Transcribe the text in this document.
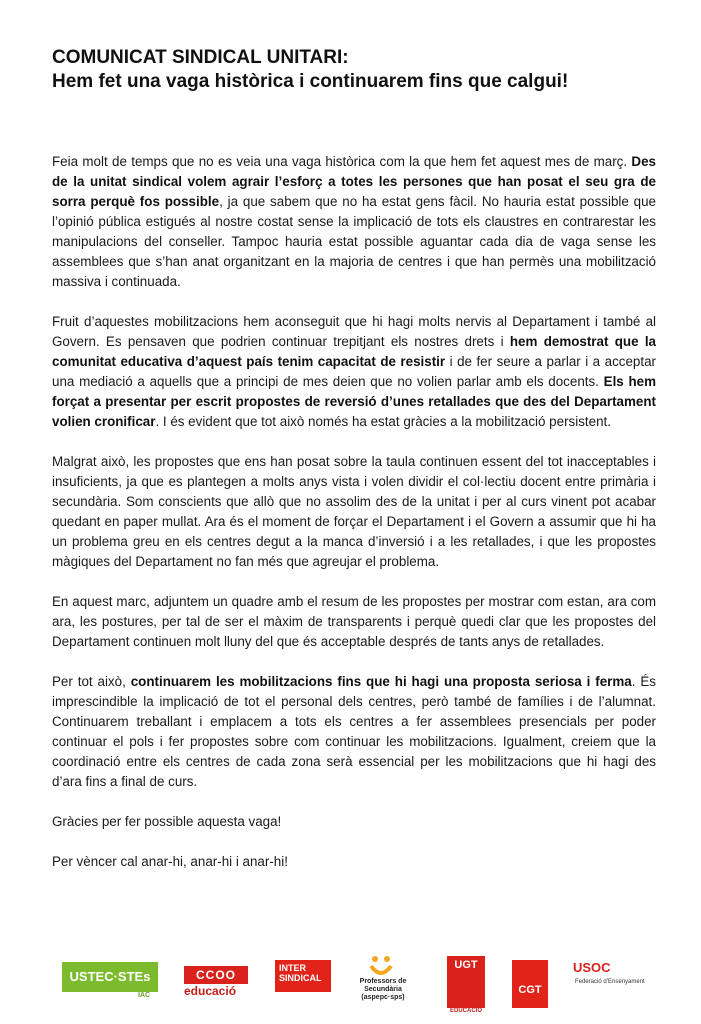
COMUNICAT SINDICAL UNITARI:
Hem fet una vaga històrica i continuarem fins que calgui!

Feia molt de temps que no es veia una vaga històrica com la que hem fet aquest mes de març. Des de la unitat sindical volem agrair l’esforç a totes les persones que han posat el seu gra de sorra perquè fos possible, ja que sabem que no ha estat gens fàcil. No hauria estat possible que l’opinió pública estigués al nostre costat sense la implicació de tots els claustres en contrarestar les manipulacions del conseller. Tampoc hauria estat possible aguantar cada dia de vaga sense les assemblees que s’han anat organitzant en la majoria de centres i que han permès una mobilització massiva i continuada.

Fruit d’aquestes mobilitzacions hem aconseguit que hi hagi molts nervis al Departament i també al Govern. Es pensaven que podrien continuar trepitjant els nostres drets i hem demostrat que la comunitat educativa d’aquest país tenim capacitat de resistir i de fer seure a parlar i a acceptar una mediació a aquells que a principi de mes deien que no volien parlar amb els docents. Els hem forçat a presentar per escrit propostes de reversió d’unes retallades que des del Departament volien cronificar. I és evident que tot això només ha estat gràcies a la mobilització persistent.

Malgrat això, les propostes que ens han posat sobre la taula continuen essent del tot inacceptables i insuficients, ja que es plantegen a molts anys vista i volen dividir el col·lectiu docent entre primària i secundària. Som conscients que allò que no assolim des de la unitat i per al curs vinent pot acabar quedant en paper mullat. Ara és el moment de forçar el Departament i el Govern a assumir que hi ha un problema greu en els centres degut a la manca d’inversió i a les retallades, i que les propostes màgiques del Departament no fan més que agreujar el problema.

En aquest marc, adjuntem un quadre amb el resum de les propostes per mostrar com estan, ara com ara, les postures, per tal de ser el màxim de transparents i perquè quedi clar que les propostes del Departament continuen molt lluny del que és acceptable després de tants anys de retallades.

Per tot això, continuarem les mobilitzacions fins que hi hagi una proposta seriosa i ferma. És imprescindible la implicació de tot el personal dels centres, però també de famílies i de l’alumnat. Continuarem treballant i emplacem a tots els centres a fer assemblees presencials per poder continuar el pols i fer propostes sobre com continuar les mobilitzacions. Igualment, creiem que la coordinació entre els centres de cada zona serà essencial per les mobilitzacions que hi hagi des d’ara fins a final de curs.

Gràcies per fer possible aquesta vaga!

Per vèncer cal anar-hi, anar-hi i anar-hi!

USTEC·STEs
IAC
CCOO
educació
INTER SINDICAL	Professors de Secundària (aspepc·sps)
UGT
EDUCACIÓ
CGT
USOC
Federació d’Ensenyament
